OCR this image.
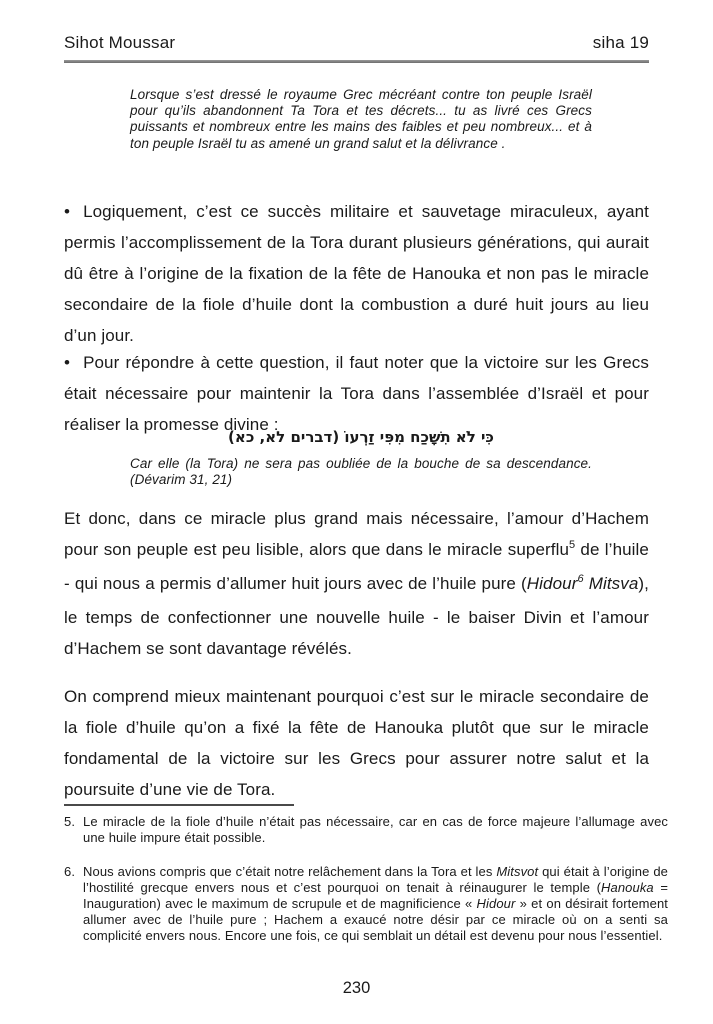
Sihot Moussar	siha 19
Lorsque s’est dressé le royaume Grec mécréant contre ton peuple Israël pour qu’ils abandonnent Ta Tora et tes décrets... tu as livré ces Grecs puissants et nombreux entre les mains des faibles et peu nombreux... et à ton peuple Israël tu as amené un grand salut et la délivrance .
• Logiquement, c’est ce succès militaire et sauvetage miraculeux, ayant permis l’accomplissement de la Tora durant plusieurs générations, qui aurait dû être à l’origine de la fixation de la fête de Hanouka et non pas le miracle secondaire de la fiole d’huile dont la combustion a duré huit jours au lieu d’un jour.
• Pour répondre à cette question, il faut noter que la victoire sur les Grecs était nécessaire pour maintenir la Tora dans l’assemblée d’Israël et pour réaliser la promesse divine :
כִּי לֹא תִשָּׁכַח מִפִּי זַרְעוֹ (דברים לא, כא)
Car elle (la Tora) ne sera pas oubliée de la bouche de sa descendance. (Dévarim 31, 21)
Et donc, dans ce miracle plus grand mais nécessaire, l’amour d’Hachem pour son peuple est peu lisible, alors que dans le miracle superflu$^5$ de l’huile - qui nous a permis d’allumer huit jours avec de l’huile pure (Hidour$^6$ Mitsva), le temps de confectionner une nouvelle huile - le baiser Divin et l’amour d’Hachem se sont davantage révélés.
On comprend mieux maintenant pourquoi c’est sur le miracle secondaire de la fiole d’huile qu’on a fixé la fête de Hanouka plutôt que sur le miracle fondamental de la victoire sur les Grecs pour assurer notre salut et la poursuite d’une vie de Tora.
5. Le miracle de la fiole d’huile n’était pas nécessaire, car en cas de force majeure l’allumage avec une huile impure était possible.
6. Nous avions compris que c’était notre relâchement dans la Tora et les Mitsvot qui était à l’origine de l’hostilité grecque envers nous et c’est pourquoi on tenait à réinaugurer le temple (Hanouka = Inauguration) avec le maximum de scrupule et de magnificience « Hidour » et on désirait fortement allumer avec de l’huile pure ; Hachem a exaucé notre désir par ce miracle où on a senti sa complicité envers nous. Encore une fois, ce qui semblait un détail est devenu pour nous l’essentiel.
230
